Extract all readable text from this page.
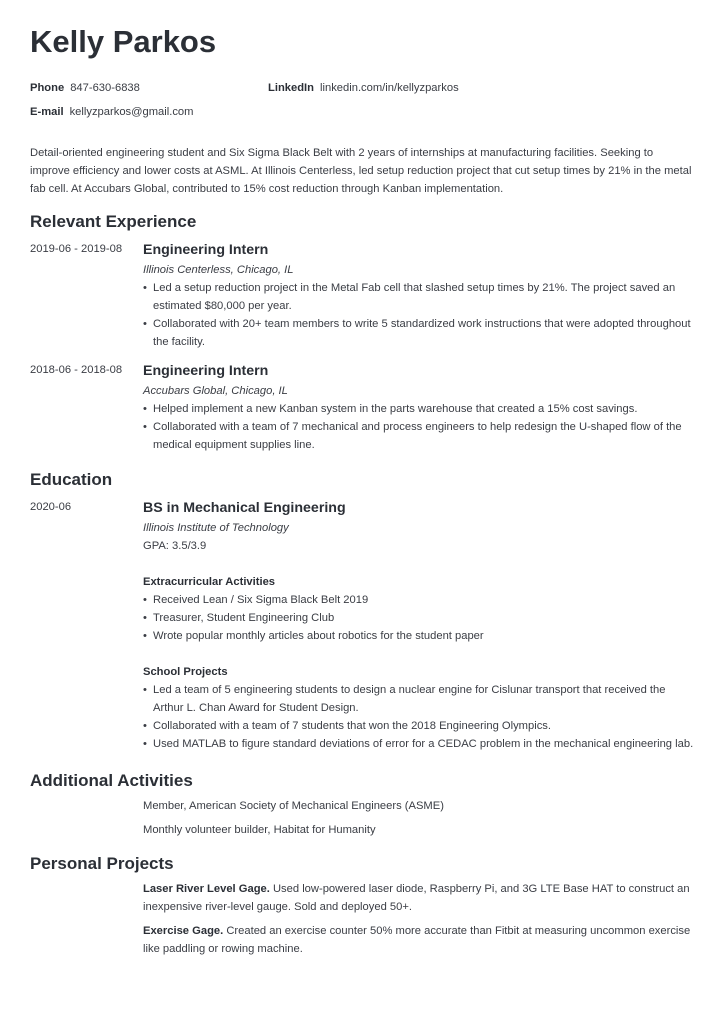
Kelly Parkos
Phone 847-630-6838	LinkedIn linkedin.com/in/kellyzparkos
E-mail kellyzparkos@gmail.com

Detail-oriented engineering student and Six Sigma Black Belt with 2 years of internships at manufacturing facilities. Seeking to improve efficiency and lower costs at ASML. At Illinois Centerless, led setup reduction project that cut setup times by 21% in the metal fab cell. At Accubars Global, contributed to 15% cost reduction through Kanban implementation.

Relevant Experience
2019-06 - 2019-08 Engineering Intern
Illinois Centerless, Chicago, IL
• Led a setup reduction project in the Metal Fab cell that slashed setup times by 21%. The project saved an estimated $80,000 per year.
• Collaborated with 20+ team members to write 5 standardized work instructions that were adopted throughout the facility.
2018-06 - 2018-08 Engineering Intern
Accubars Global, Chicago, IL
• Helped implement a new Kanban system in the parts warehouse that created a 15% cost savings.
• Collaborated with a team of 7 mechanical and process engineers to help redesign the U-shaped flow of the medical equipment supplies line.
Education
2020-06	BS in Mechanical Engineering
Illinois Institute of Technology
GPA: 3.5/3.9
Extracurricular Activities
• Received Lean / Six Sigma Black Belt 2019
• Treasurer, Student Engineering Club
• Wrote popular monthly articles about robotics for the student paper
School Projects
• Led a team of 5 engineering students to design a nuclear engine for Cislunar transport that received the Arthur L. Chan Award for Student Design.
• Collaborated with a team of 7 students that won the 2018 Engineering Olympics.
• Used MATLAB to figure standard deviations of error for a CEDAC problem in the mechanical engineering lab.
Additional Activities

Member, American Society of Mechanical Engineers (ASME)

Monthly volunteer builder, Habitat for Humanity

Personal Projects

Laser River Level Gage. Used low-powered laser diode, Raspberry Pi, and 3G LTE Base HAT to construct an inexpensive river-level gauge. Sold and deployed 50+.

Exercise Gage. Created an exercise counter 50% more accurate than Fitbit at measuring uncommon exercise like paddling or rowing machine.
